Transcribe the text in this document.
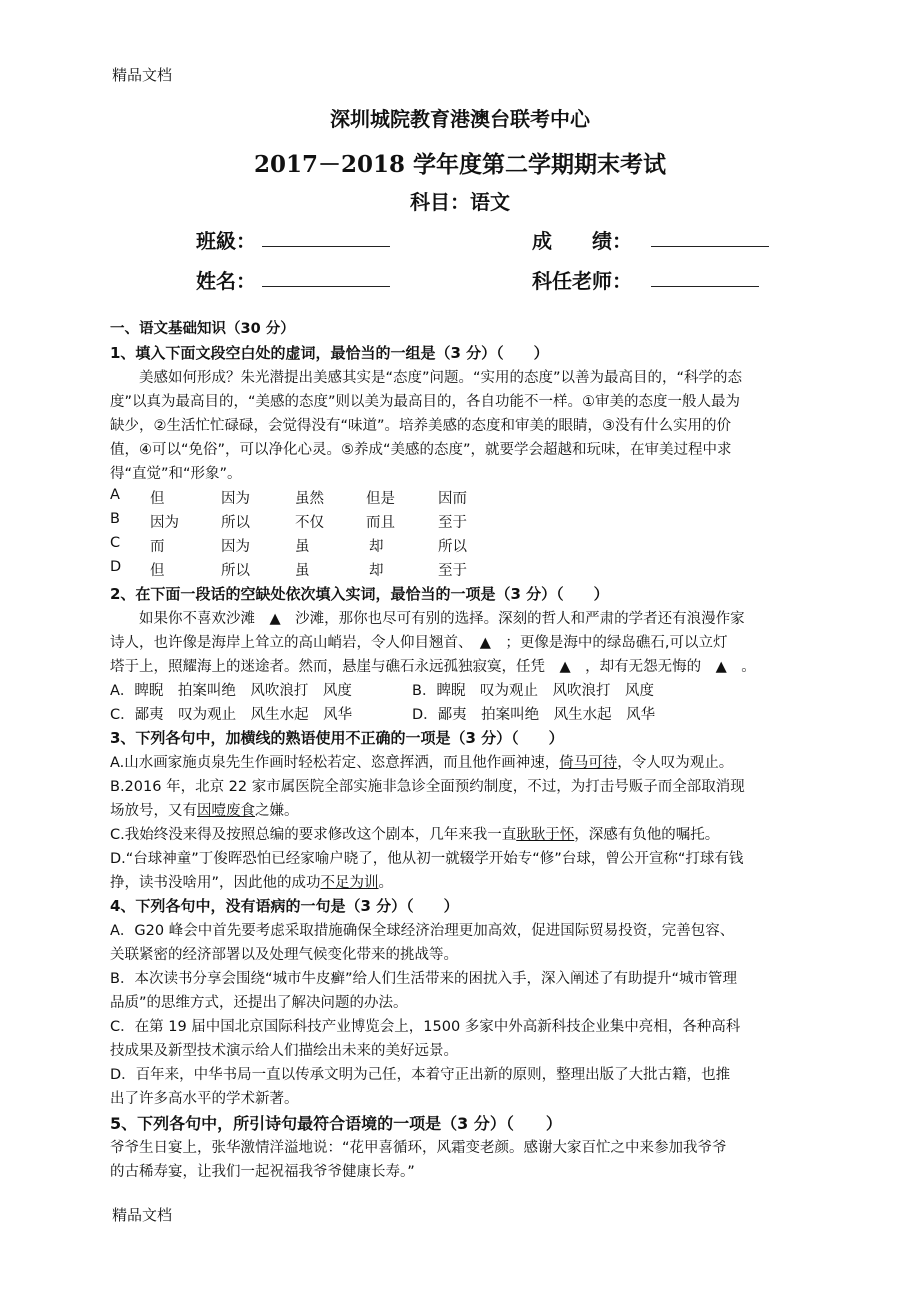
精品文档
深圳城院教育港澳台联考中心
2017－2018 学年度第二学期期末考试
科目：语文
班級：	成　　绩：
姓名：	科任老师：
一、语文基础知识（30 分）
1、填入下面文段空白处的虚词，最恰当的一组是（3 分）（　　）
　　美感如何形成？朱光潜提出美感其实是“态度”问题。“实用的态度”以善为最高目的，“科学的态
度”以真为最高目的，“美感的态度”则以美为最高目的，各自功能不一样。①审美的态度一般人最为
缺少，②生活忙忙碌碌，会觉得没有“味道”。培养美感的态度和审美的眼睛，③没有什么实用的价
值，④可以“免俗”，可以净化心灵。⑤养成“美感的态度”，就要学会超越和玩味，在审美过程中求
得“直觉”和“形象”。
A 但	因为	虽然	但是	因而
B 因为	所以	不仅	而且	至于
C 而	因为	虽	却	所以
D 但	所以	虽	却	至于
2、在下面一段话的空缺处依次填入实词，最恰当的一项是（3 分）（　　）
　　如果你不喜欢沙滩　▲　沙滩，那你也尽可有别的选择。深刻的哲人和严肃的学者还有浪漫作家
诗人，也许像是海岸上耸立的高山峭岩，令人仰目翘首、　▲　；更像是海中的绿岛礁石,可以立灯
塔于上，照耀海上的迷途者。然而，悬崖与礁石永远孤独寂寞，任凭　▲　，却有无怨无悔的　▲　。
A．睥睨　拍案叫绝　风吹浪打　风度	B．睥睨　叹为观止　风吹浪打　风度
C．鄙夷　叹为观止　风生水起　风华	D．鄙夷　拍案叫绝　风生水起　风华
3、下列各句中，加横线的熟语使用不正确的一项是（3 分）（　　）
A.山水画家施贞泉先生作画时轻松若定、恣意挥洒，而且他作画神速，倚马可待，令人叹为观止。
B.2016 年，北京 22 家市属医院全部实施非急诊全面预约制度，不过，为打击号贩子而全部取消现
场放号，又有因噎废食之嫌。
C.我始终没来得及按照总编的要求修改这个剧本，几年来我一直耿耿于怀，深感有负他的嘱托。
D.“台球神童”丁俊晖恐怕已经家喻户晓了，他从初一就辍学开始专“修”台球，曾公开宣称“打球有钱
挣，读书没啥用”，因此他的成功不足为训。
4、下列各句中，没有语病的一句是（3 分）（　　）
A．G20 峰会中首先要考虑采取措施确保全球经济治理更加高效，促进国际贸易投资，完善包容、
关联紧密的经济部署以及处理气候变化带来的挑战等。
B．本次读书分享会围绕“城市牛皮癣”给人们生活带来的困扰入手，深入阐述了有助提升“城市管理
品质”的思维方式，还提出了解决问题的办法。
C．在第 19 届中国北京国际科技产业博览会上，1500 多家中外高新科技企业集中亮相，各种高科
技成果及新型技术演示给人们描绘出未来的美好远景。
D．百年来，中华书局一直以传承文明为己任，本着守正出新的原则，整理出版了大批古籍，也推
出了许多高水平的学术新著。
5、下列各句中，所引诗句最符合语境的一项是（3 分）（　　）
爷爷生日宴上，张华激情洋溢地说：“花甲喜循环，风霜变老颜。感谢大家百忙之中来参加我爷爷
的古稀寿宴，让我们一起祝福我爷爷健康长寿。”
精品文档
